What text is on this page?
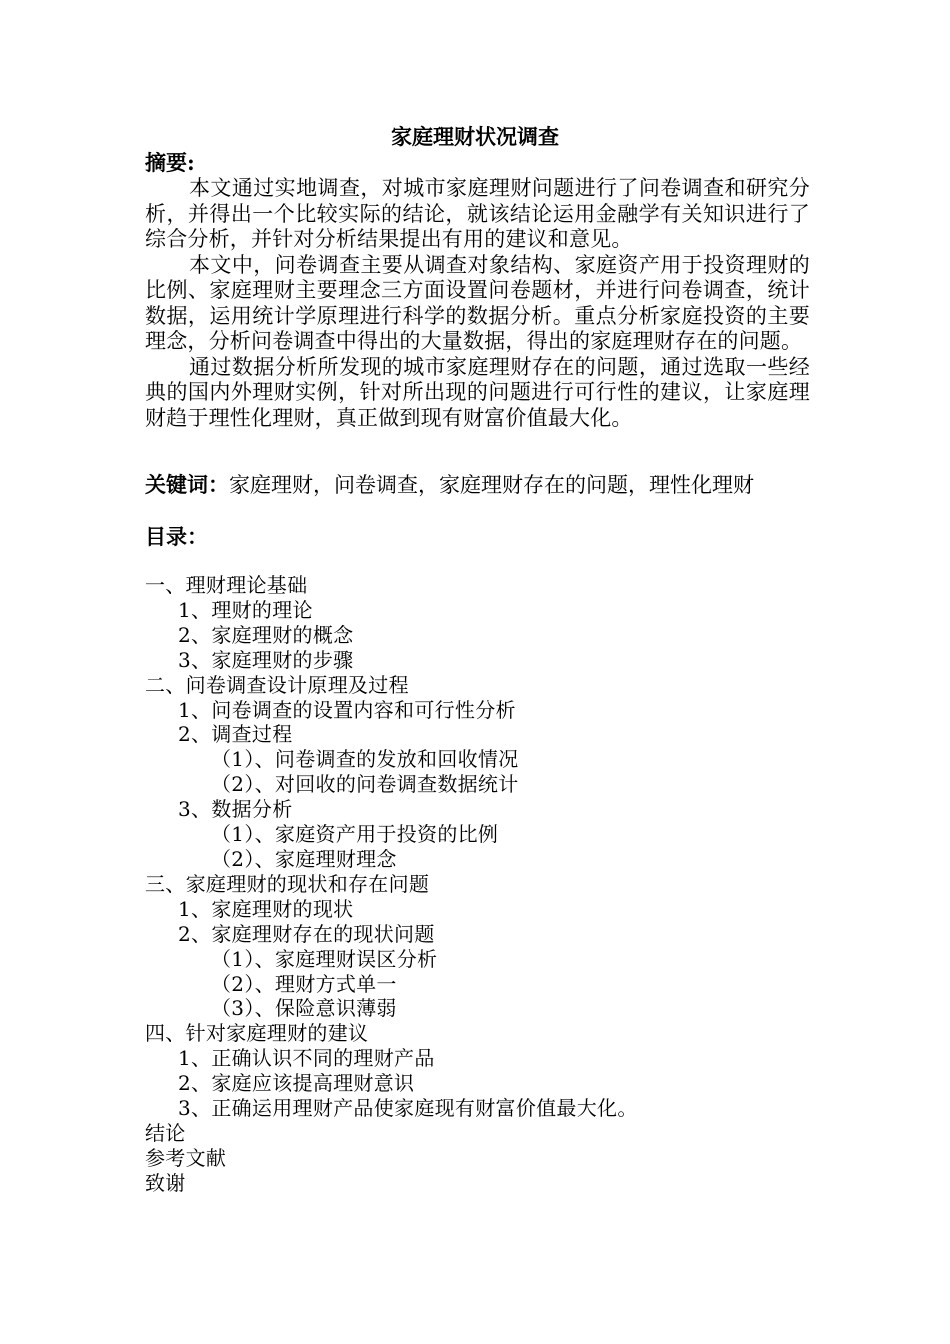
家庭理财状况调查
摘要:
本文通过实地调查，对城市家庭理财问题进行了问卷调查和研究分析，并得出一个比较实际的结论，就该结论运用金融学有关知识进行了综合分析，并针对分析结果提出有用的建议和意见。
本文中，问卷调查主要从调查对象结构、家庭资产用于投资理财的比例、家庭理财主要理念三方面设置问卷题材，并进行问卷调查，统计数据，运用统计学原理进行科学的数据分析。重点分析家庭投资的主要理念，分析问卷调查中得出的大量数据，得出的家庭理财存在的问题。
通过数据分析所发现的城市家庭理财存在的问题，通过选取一些经典的国内外理财实例，针对所出现的问题进行可行性的建议，让家庭理财趋于理性化理财，真正做到现有财富价值最大化。
关键词：家庭理财，问卷调查，家庭理财存在的问题，理性化理财
目录：
一、理财理论基础
1、理财的理论
2、家庭理财的概念
3、家庭理财的步骤
二、问卷调查设计原理及过程
1、问卷调查的设置内容和可行性分析
2、调查过程
（1）、问卷调查的发放和回收情况
（2）、对回收的问卷调查数据统计
3、数据分析
（1）、家庭资产用于投资的比例
（2）、家庭理财理念
三、家庭理财的现状和存在问题
1、家庭理财的现状
2、家庭理财存在的现状问题
（1）、家庭理财误区分析
（2）、理财方式单一
（3）、保险意识薄弱
四、针对家庭理财的建议
1、正确认识不同的理财产品
2、家庭应该提高理财意识
3、正确运用理财产品使家庭现有财富价值最大化。
结论
参考文献
致谢
